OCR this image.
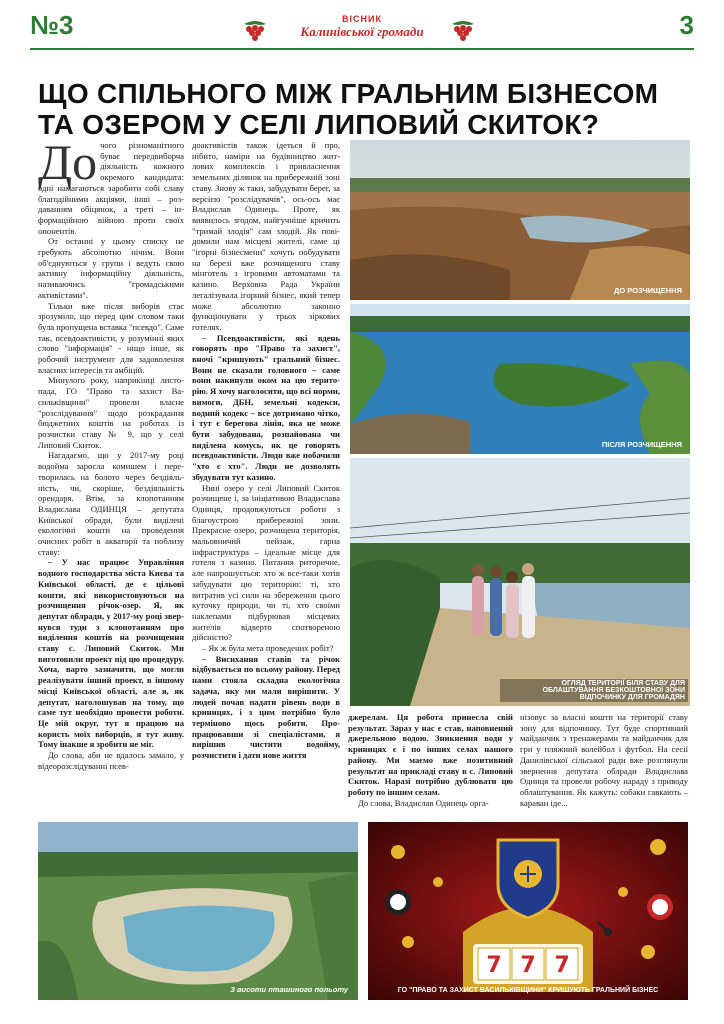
№3	3
ВІСНИК
Калинівської громади
ЩО СПІЛЬНОГО МІЖ ГРАЛЬНИМ БІЗНЕСОМ ТА ОЗЕРОМ У СЕЛІ ЛИПОВИЙ СКИТОК?
До чого різноманітного буває передвиборча діяльність кожного окремого кандидата: одні намагаються заробити собі славу благодійними акціями, інші – роздаванням обіцянок, а треті – інформаційною війною проти своїх опонентів.

От останні у цьому списку не гребують абсолютно нічим. Вони об'єднуються у групи і ведуть свою активну інформаційну діяльність, називаючись "громадськими активістами".

Тільки вже після виборів стає зрозуміло, що перед цим словом таки була пропущена вставка "псевдо". Саме так, псевдоактивісти, у розумінні яких слово "інформація" - ніщо інше, як робочий інструмент для задоволення власних інтересів та амбіцій.

Минулого року, наприкінці листопада, ГО "Право та захист Васильківщини" провели власне "розслідування" щодо розкрадання бюджетних коштів на роботах із розчистки ставу № 9, що у селі Липовий Скиток.

Нагадаємо, що у 2017-му році водойма заросла комишем і перетворилась на болото через бездіяльність, чи, скоріше, бездіяльність орендаря. Втім, за клопотанням Владислава ОДИНЦЯ – депутата Київської обради, були виділені екологічні кошти на проведення очисних робіт в акваторії та поблизу ставу:

– У нас працює Управління водного господарства міста Києва та Київської області, де є цільові кошти, які використовуються на розчищення річок-озер. Я, як депутат облради, у 2017-му році звернувся туди з клопотанням про виділення коштів на розчищення ставу с. Липовий Скиток. Ми виготовили проект під цю процедуру. Хоча, варто зазначити, що могли реалізувати інший проект, в іншому місці Київської області, але я, як депутат, наголошував на тому, що саме тут необхідно провести роботи. Це мій округ, тут я працюю на користь моїх виборців, я тут живу. Тому інакше я зробити не міг.

До слова, аби не вдалось замало, у відеорозслідуванні псев-

доактивістів також ідеться й про, нібито, наміри на будівництво житлових комплексів і привласнення земельних ділянок на прибережній зоні ставу. Знову ж таки, забудувати берег, за версією "розслідувачів", ось-ось має Владислав Одинець. Проте, як виявилось згодом, найгучніше кричить "тримай злодія" сам злодій. Як повідомили нам місцеві жителі, саме ці "ігорні бізнесмени" хочуть побудувати на березі вже розчищеного ставу мінготель з ігровими автоматами та казино. Верховна Рада України легалізувала ігорний бізнес, який тепер може абсолютно законно функціонувати у трьох зіркових готелях.

– Псевдоактивісти, які вдень говорять про "Право та захист", вночі "кришують" гральний бізнес. Вони не сказали головного – саме вони накинули оком на цю територію. Я хочу наголосити, що всі норми, вимоги, ДБН, земельні кодекси, водний кодекс – все дотримано чітко, і тут є берегова лінія, яка не може бути забудована, розпайована чи виділена комусь, як це говорять псевдоактивісти. Люди вже побачили "хто є хто". Люди не дозволять збудувати тут казино.

Нині озеро у селі Липовий Скиток розчищене і, за ініціативою Владислава Одинця, продовжуються роботи з благоустрою прибережної зони. Прекрасне озеро, розчищена територія, мальовничий пейзаж, гарна інфраструктура – ідеальне місце для готеля з казино. Питання риторичне, але напрошується: хто ж все-таки хотів забудувати цю територію: ті, хто витратив усі сили на збереження цього куточку природи, чи ті, хто своїми наклепами підбурював місцевих жителів відверто спотвореною дійсністю?

– Як ж була мета проведених робіт?

– Висихання ставів та річок відбувається по всьому району. Перед нами стояла складна екологічна задача, яку ми мали вирішити. У людей почав падати рівень води в криницях, і з цим потрібно було терміново щось робити. Пропрацювавши зі спеціалістами, я вирішив чистити водойму, розчистити і дати нове життя

джерелам. Ця робота принесла свій результат. Зараз у нас є став, наповнений джерельною водою. Зникнення води у криницях є і по інших селах нашого району. Ми маємо вже позитивний результат на прикладі ставу в с. Липовий Скиток. Наразі потрібно дублювати цю роботу по іншим селам.

До слова, Владислав Одинець орга-

нізовує за власні кошти на території ставу зону для відпочинку. Тут буде спортивний майданчик з тренажерами та майданчик для гри у пляжний волейбол і футбол. На сесії Данилівської сільської ради вже розглянули звернення депутата облради Владислава Одинця та провели робочу нараду з приводу облаштування. Як кажуть: собаки гавкають – караван іде...

ДО РОЗЧИЩЕННЯ
ПІСЛЯ РОЗЧИЩЕННЯ
ОГЛЯД ТЕРИТОРІЇ БІЛЯ СТАВУ ДЛЯ ОБЛАШТУВАННЯ БЕЗКОШТОВНОЇ ЗОНИ ВІДПОЧИНКУ ДЛЯ ГРОМАДЯН
З висоти пташиного польоту
7 7 7
ГО "ПРАВО ТА ЗАХИСТ ВАСИЛЬКІВЩИНИ" КРИШУЮТЬ ГРАЛЬНИЙ БІЗНЕС
